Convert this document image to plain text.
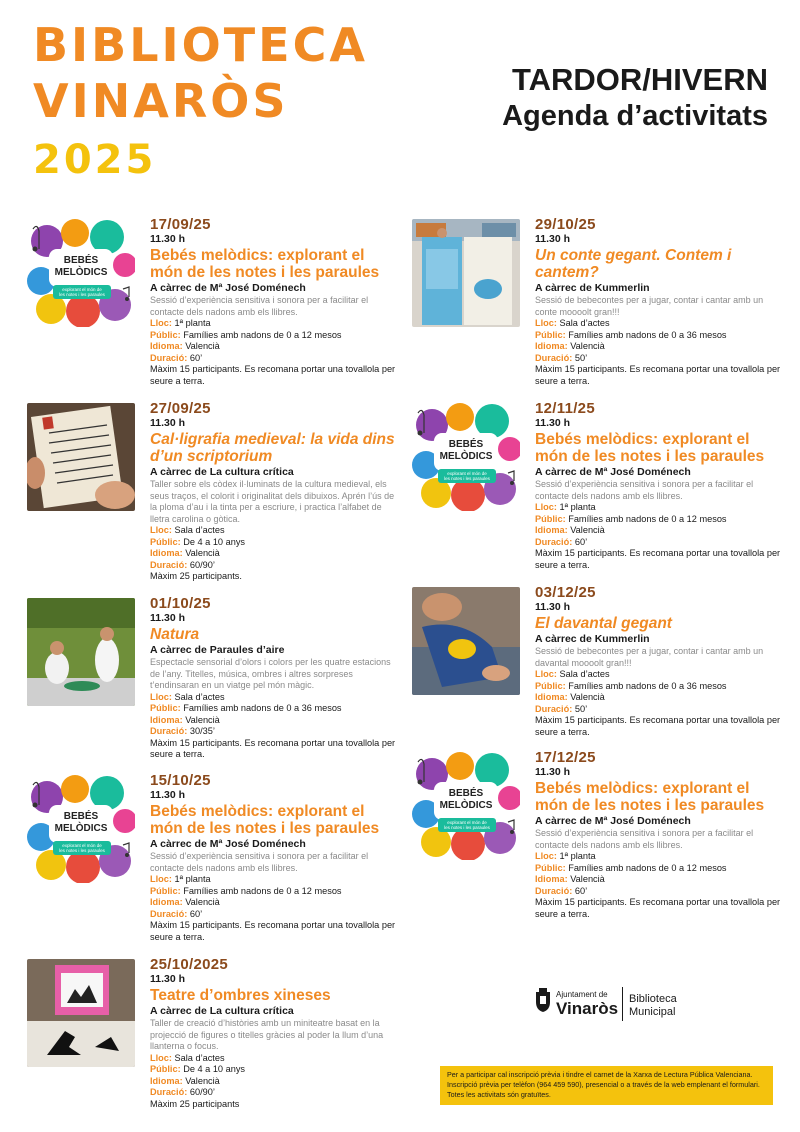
BIBLIOTECA
VINARÒS
2025
TARDOR/HIVERN
Agenda d’activitats
BEBÉS
MELÒDICS
explorant el món de
les notes i les paraules
17/09/25
11.30 h
Bebés melòdics: explorant el món de les notes i les paraules
A càrrec de Mª José Doménech
Sessió d’experiència sensitiva i sonora per a facilitar el contacte dels nadons amb els llibres.
Lloc: 1ª planta
Públic: Famílies amb nadons de 0 a 12 mesos
Idioma: Valencià
Duració: 60’
Màxim 15 participants. Es recomana portar una tovallola per seure a terra.
27/09/25
11.30 h
Cal·ligrafia medieval: la vida dins d’un scriptorium
A càrrec de La cultura crítica
Taller sobre els còdex il·luminats de la cultura medieval, els seus traços, el colorit i originalitat dels dibuixos. Aprén l’ús de la ploma d’au i la tinta per a escriure, i practica l’alfabet de lletra carolina o gòtica.
Lloc: Sala d’actes
Públic: De 4 a 10 anys
Idioma: Valencià
Duració: 60/90’
Màxim 25 participants.
01/10/25
11.30 h
Natura
A càrrec de Paraules d’aire
Espectacle sensorial d’olors i colors per les quatre estacions de l’any. Titelles, música, ombres i altres sorpreses t’endinsaran en un viatge pel món màgic.
Lloc: Sala d’actes
Públic: Famílies amb nadons de 0 a 36 mesos
Idioma: Valencià
Duració: 30/35’
Màxim 15 participants. Es recomana portar una tovallola per seure a terra.
BEBÉS
MELÒDICS
explorant el món de
les notes i les paraules
15/10/25
11.30 h
Bebés melòdics: explorant el món de les notes i les paraules
A càrrec de Mª José Doménech
Sessió d’experiència sensitiva i sonora per a facilitar el contacte dels nadons amb els llibres.
Lloc: 1ª planta
Públic: Famílies amb nadons de 0 a 12 mesos
Idioma: Valencià
Duració: 60’
Màxim 15 participants. Es recomana portar una tovallola per seure a terra.
25/10/2025
11.30 h
Teatre d’ombres xineses
A càrrec de La cultura crítica
Taller de creació d’històries amb un miniteatre basat en la projecció de figures o titelles gràcies al poder la llum d’una llanterna o focus.
Lloc: Sala d’actes
Públic: De 4 a 10 anys
Idioma: Valencià
Duració: 60/90’
Màxim 25 participants
29/10/25
11.30 h
Un conte gegant. Contem i cantem?
A càrrec de Kummerlin
Sessió de bebecontes per a jugar, contar i cantar amb un conte moooolt gran!!!
Lloc: Sala d’actes
Públic: Famílies amb nadons de 0 a 36 mesos
Idioma: Valencià
Duració: 50’
Màxim 15 participants. Es recomana portar una tovallola per seure a terra.
BEBÉS
MELÒDICS
explorant el món de
les notes i les paraules
12/11/25
11.30 h
Bebés melòdics: explorant el món de les notes i les paraules
A càrrec de Mª José Doménech
Sessió d’experiència sensitiva i sonora per a facilitar el contacte dels nadons amb els llibres.
Lloc: 1ª planta
Públic: Famílies amb nadons de 0 a 12 mesos
Idioma: Valencià
Duració: 60’
Màxim 15 participants. Es recomana portar una tovallola per seure a terra.
03/12/25
11.30 h
El davantal gegant
A càrrec de Kummerlin
Sessió de bebecontes per a jugar, contar i cantar amb un davantal moooolt gran!!!
Lloc: Sala d’actes
Públic: Famílies amb nadons de 0 a 36 mesos
Idioma: Valencià
Duració: 50’
Màxim 15 participants. Es recomana portar una tovallola per seure a terra.
BEBÉS
MELÒDICS
explorant el món de
les notes i les paraules
17/12/25
11.30 h
Bebés melòdics: explorant el món de les notes i les paraules
A càrrec de Mª José Doménech
Sessió d’experiència sensitiva i sonora per a facilitar el contacte dels nadons amb els llibres.
Lloc: 1ª planta
Públic: Famílies amb nadons de 0 a 12 mesos
Idioma: Valencià
Duració: 60’
Màxim 15 participants. Es recomana portar una tovallola per seure a terra.
Ajuntament de
Vinaròs Biblioteca
Municipal
Per a participar cal inscripció prèvia i tindre el carnet de la Xarxa de Lectura Pública Valenciana.
Inscripció prèvia per telèfon (964 459 590), presencial o a través de la web emplenant el formulari.
Totes les activitats són gratuïtes.
